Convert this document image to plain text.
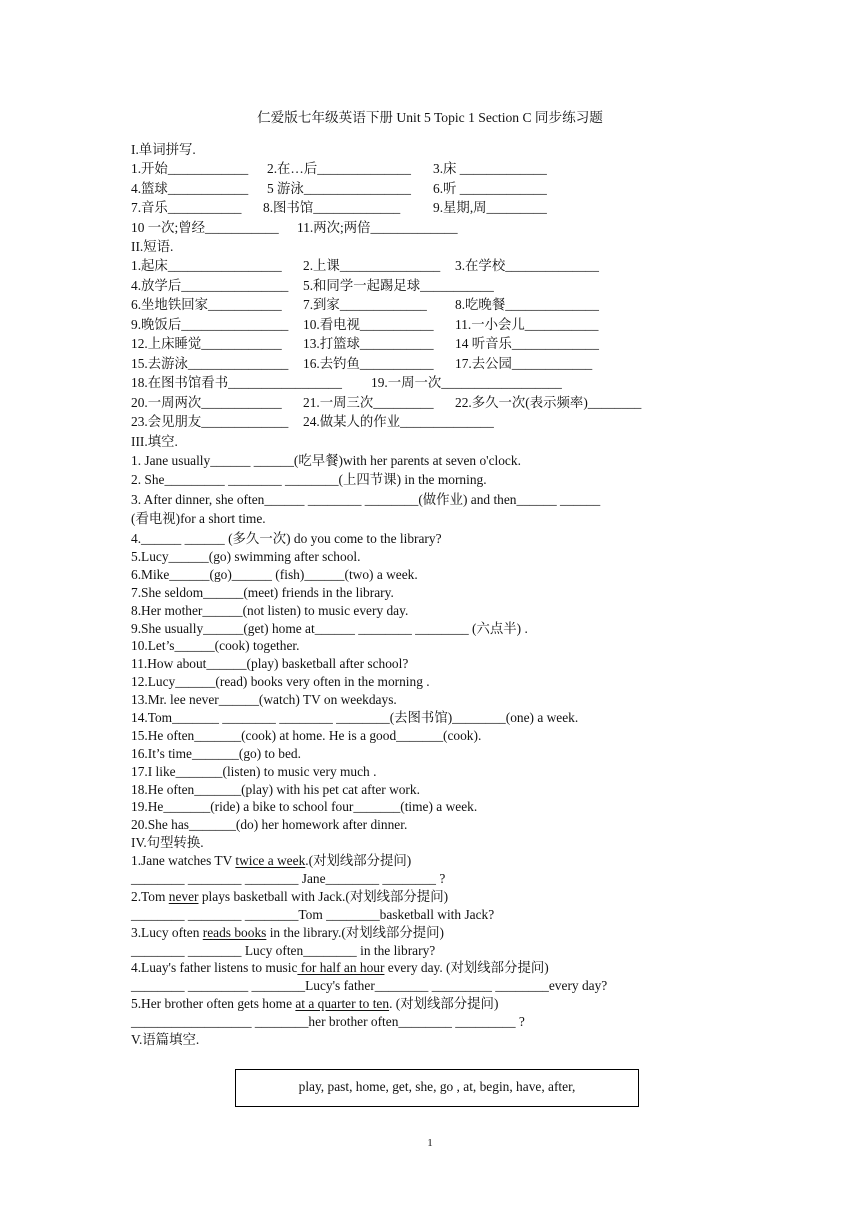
仁爱版七年级英语下册 Unit 5 Topic 1 Section C 同步练习题
I.单词拼写.
1.开始____________ 2.在…后______________ 3.床 _____________
4.篮球____________ 5 游泳________________ 6.听 _____________
7.音乐___________8.图书馆_____________ 9.星期,周_________
10 一次;曾经___________11.两次;两倍_____________
II.短语.
1.起床_________________ 2.上课_______________ 3.在学校______________
4.放学后________________ 5.和同学一起踢足球___________
6.坐地铁回家___________ 7.到家_____________ 8.吃晚餐______________
9.晚饭后________________ 10.看电视___________ 11.一小会儿___________
12.上床睡觉____________ 13.打篮球___________ 14 听音乐_____________
15.去游泳_______________ 16.去钓鱼___________ 17.去公园____________
18.在图书馆看书_________________ 19.一周一次__________________
20.一周两次____________ 21.一周三次_________ 22.多久一次(表示频率)________
23.会见朋友_____________ 24.做某人的作业______________
III.填空.
1. Jane usually______ ______(吃早餐)with her parents at seven o'clock.
2. She_________ ________ ________(上四节课) in the morning.
3. After dinner, she often______ ________ ________(做作业) and then______ ______
(看电视)for a short time.
4.______ ______ (多久一次) do you come to the library?
5.Lucy______(go) swimming after school.
6.Mike______(go)______ (fish)______(two) a week.
7.She seldom______(meet) friends in the library.
8.Her mother______(not listen) to music every day.
9.She usually______(get) home at______ ________ ________ (六点半) .
10.Let’s______(cook) together.
11.How about______(play) basketball after school?
12.Lucy______(read) books very often in the morning .
13.Mr. lee never______(watch) TV on weekdays.
14.Tom_______ ________ ________ ________(去图书馆)________(one) a week.
15.He often_______(cook) at home. He is a good_______(cook).
16.It’s time_______(go) to bed.
17.I like_______(listen) to music very much .
18.He often_______(play) with his pet cat after work.
19.He_______(ride) a bike to school four_______(time) a week.
20.She has_______(do) her homework after dinner.
IV.句型转换.
1.Jane watches TV twice a week.(对划线部分提问)
________ ________ ________ Jane________ ________ ?
2.Tom never plays basketball with Jack.(对划线部分提问)
________ ________ ________Tom ________basketball with Jack?
3.Lucy often reads books in the library.(对划线部分提问)
________ ________ Lucy often________ in the library?
4.Luay's father listens to music for half an hour every day. (对划线部分提问)
________ _________ ________Lucy's father________ _________ ________every day?
5.Her brother often gets home at a quarter to ten. (对划线部分提问)
__________________ ________her brother often________ _________ ?
V.语篇填空.
play, past, home, get, she, go , at, begin, have, after,
1
